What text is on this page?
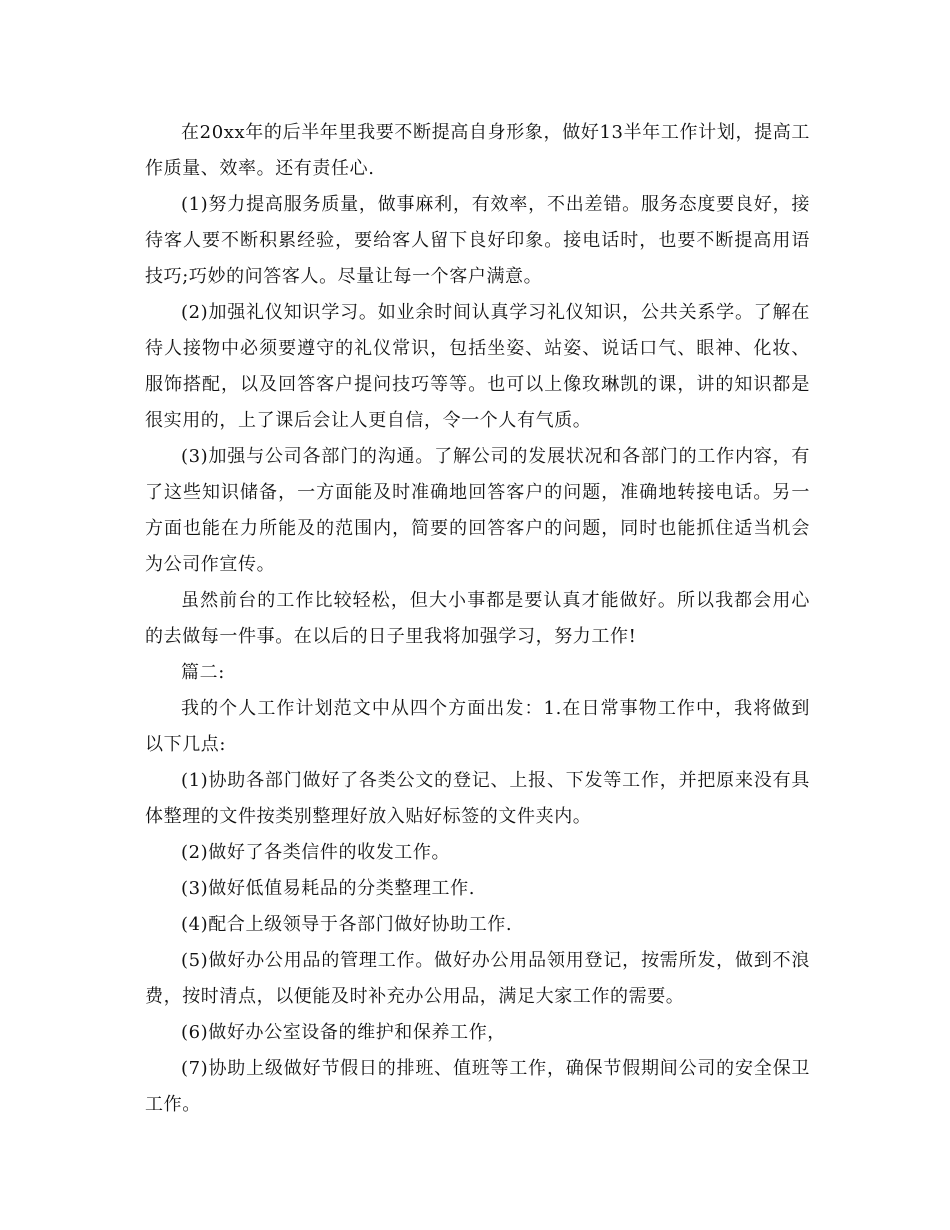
在20xx年的后半年里我要不断提高自身形象，做好13半年工作计划，提高工作质量、效率。还有责任心.

(1)努力提高服务质量，做事麻利，有效率，不出差错。服务态度要良好，接待客人要不断积累经验，要给客人留下良好印象。接电话时，也要不断提高用语技巧;巧妙的问答客人。尽量让每一个客户满意。

(2)加强礼仪知识学习。如业余时间认真学习礼仪知识，公共关系学。了解在待人接物中必须要遵守的礼仪常识，包括坐姿、站姿、说话口气、眼神、化妆、服饰搭配，以及回答客户提问技巧等等。也可以上像玫琳凯的课，讲的知识都是很实用的，上了课后会让人更自信，令一个人有气质。

(3)加强与公司各部门的沟通。了解公司的发展状况和各部门的工作内容，有了这些知识储备，一方面能及时准确地回答客户的问题，准确地转接电话。另一方面也能在力所能及的范围内，简要的回答客户的问题，同时也能抓住适当机会为公司作宣传。

虽然前台的工作比较轻松，但大小事都是要认真才能做好。所以我都会用心的去做每一件事。在以后的日子里我将加强学习，努力工作!

篇二:

我的个人工作计划范文中从四个方面出发：1.在日常事物工作中，我将做到以下几点:

(1)协助各部门做好了各类公文的登记、上报、下发等工作，并把原来没有具体整理的文件按类别整理好放入贴好标签的文件夹内。

(2)做好了各类信件的收发工作。

(3)做好低值易耗品的分类整理工作.

(4)配合上级领导于各部门做好协助工作.

(5)做好办公用品的管理工作。做好办公用品领用登记，按需所发，做到不浪费，按时清点，以便能及时补充办公用品，满足大家工作的需要。

(6)做好办公室设备的维护和保养工作，

(7)协助上级做好节假日的排班、值班等工作，确保节假期间公司的安全保卫工作。
